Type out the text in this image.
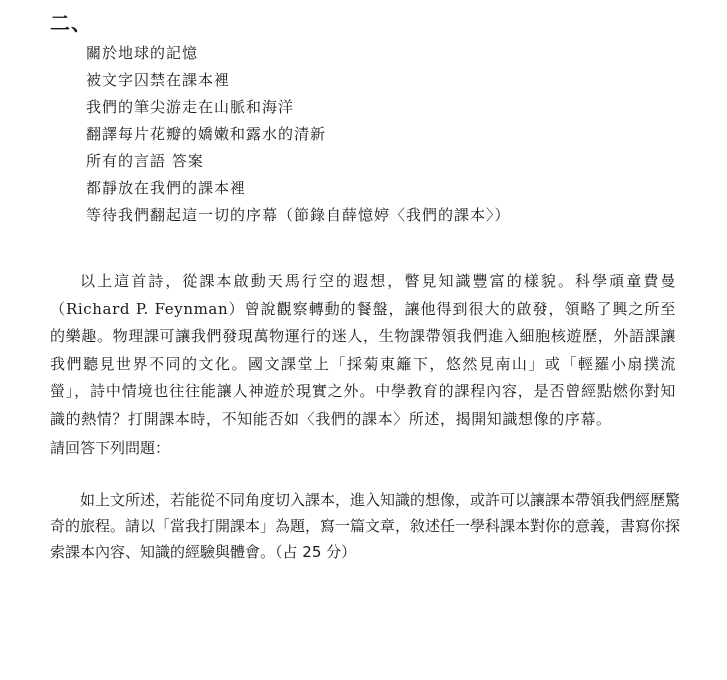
二、
關於地球的記憶
被文字囚禁在課本裡
我們的筆尖游走在山脈和海洋
翻譯每片花瓣的嬌嫩和露水的清新
所有的言語 答案
都靜放在我們的課本裡
等待我們翻起這一切的序幕（節錄自薛憶婷〈我們的課本〉）

以上這首詩，從課本啟動天馬行空的遐想，瞥見知識豐富的樣貌。科學頑童費曼（Richard P. Feynman）曾說觀察轉動的餐盤，讓他得到很大的啟發，領略了興之所至的樂趣。物理課可讓我們發現萬物運行的迷人，生物課帶領我們進入細胞核遊歷，外語課讓我們聽見世界不同的文化。國文課堂上「採菊東籬下，悠然見南山」或「輕羅小扇撲流螢」，詩中情境也往往能讓人神遊於現實之外。中學教育的課程內容，是否曾經點燃你對知識的熱情？打開課本時，不知能否如〈我們的課本〉所述，揭開知識想像的序幕。

請回答下列問題：

如上文所述，若能從不同角度切入課本，進入知識的想像，或許可以讓課本帶領我們經歷驚奇的旅程。請以「當我打開課本」為題，寫一篇文章，敘述任一學科課本對你的意義，書寫你探索課本內容、知識的經驗與體會。（占 25 分）
